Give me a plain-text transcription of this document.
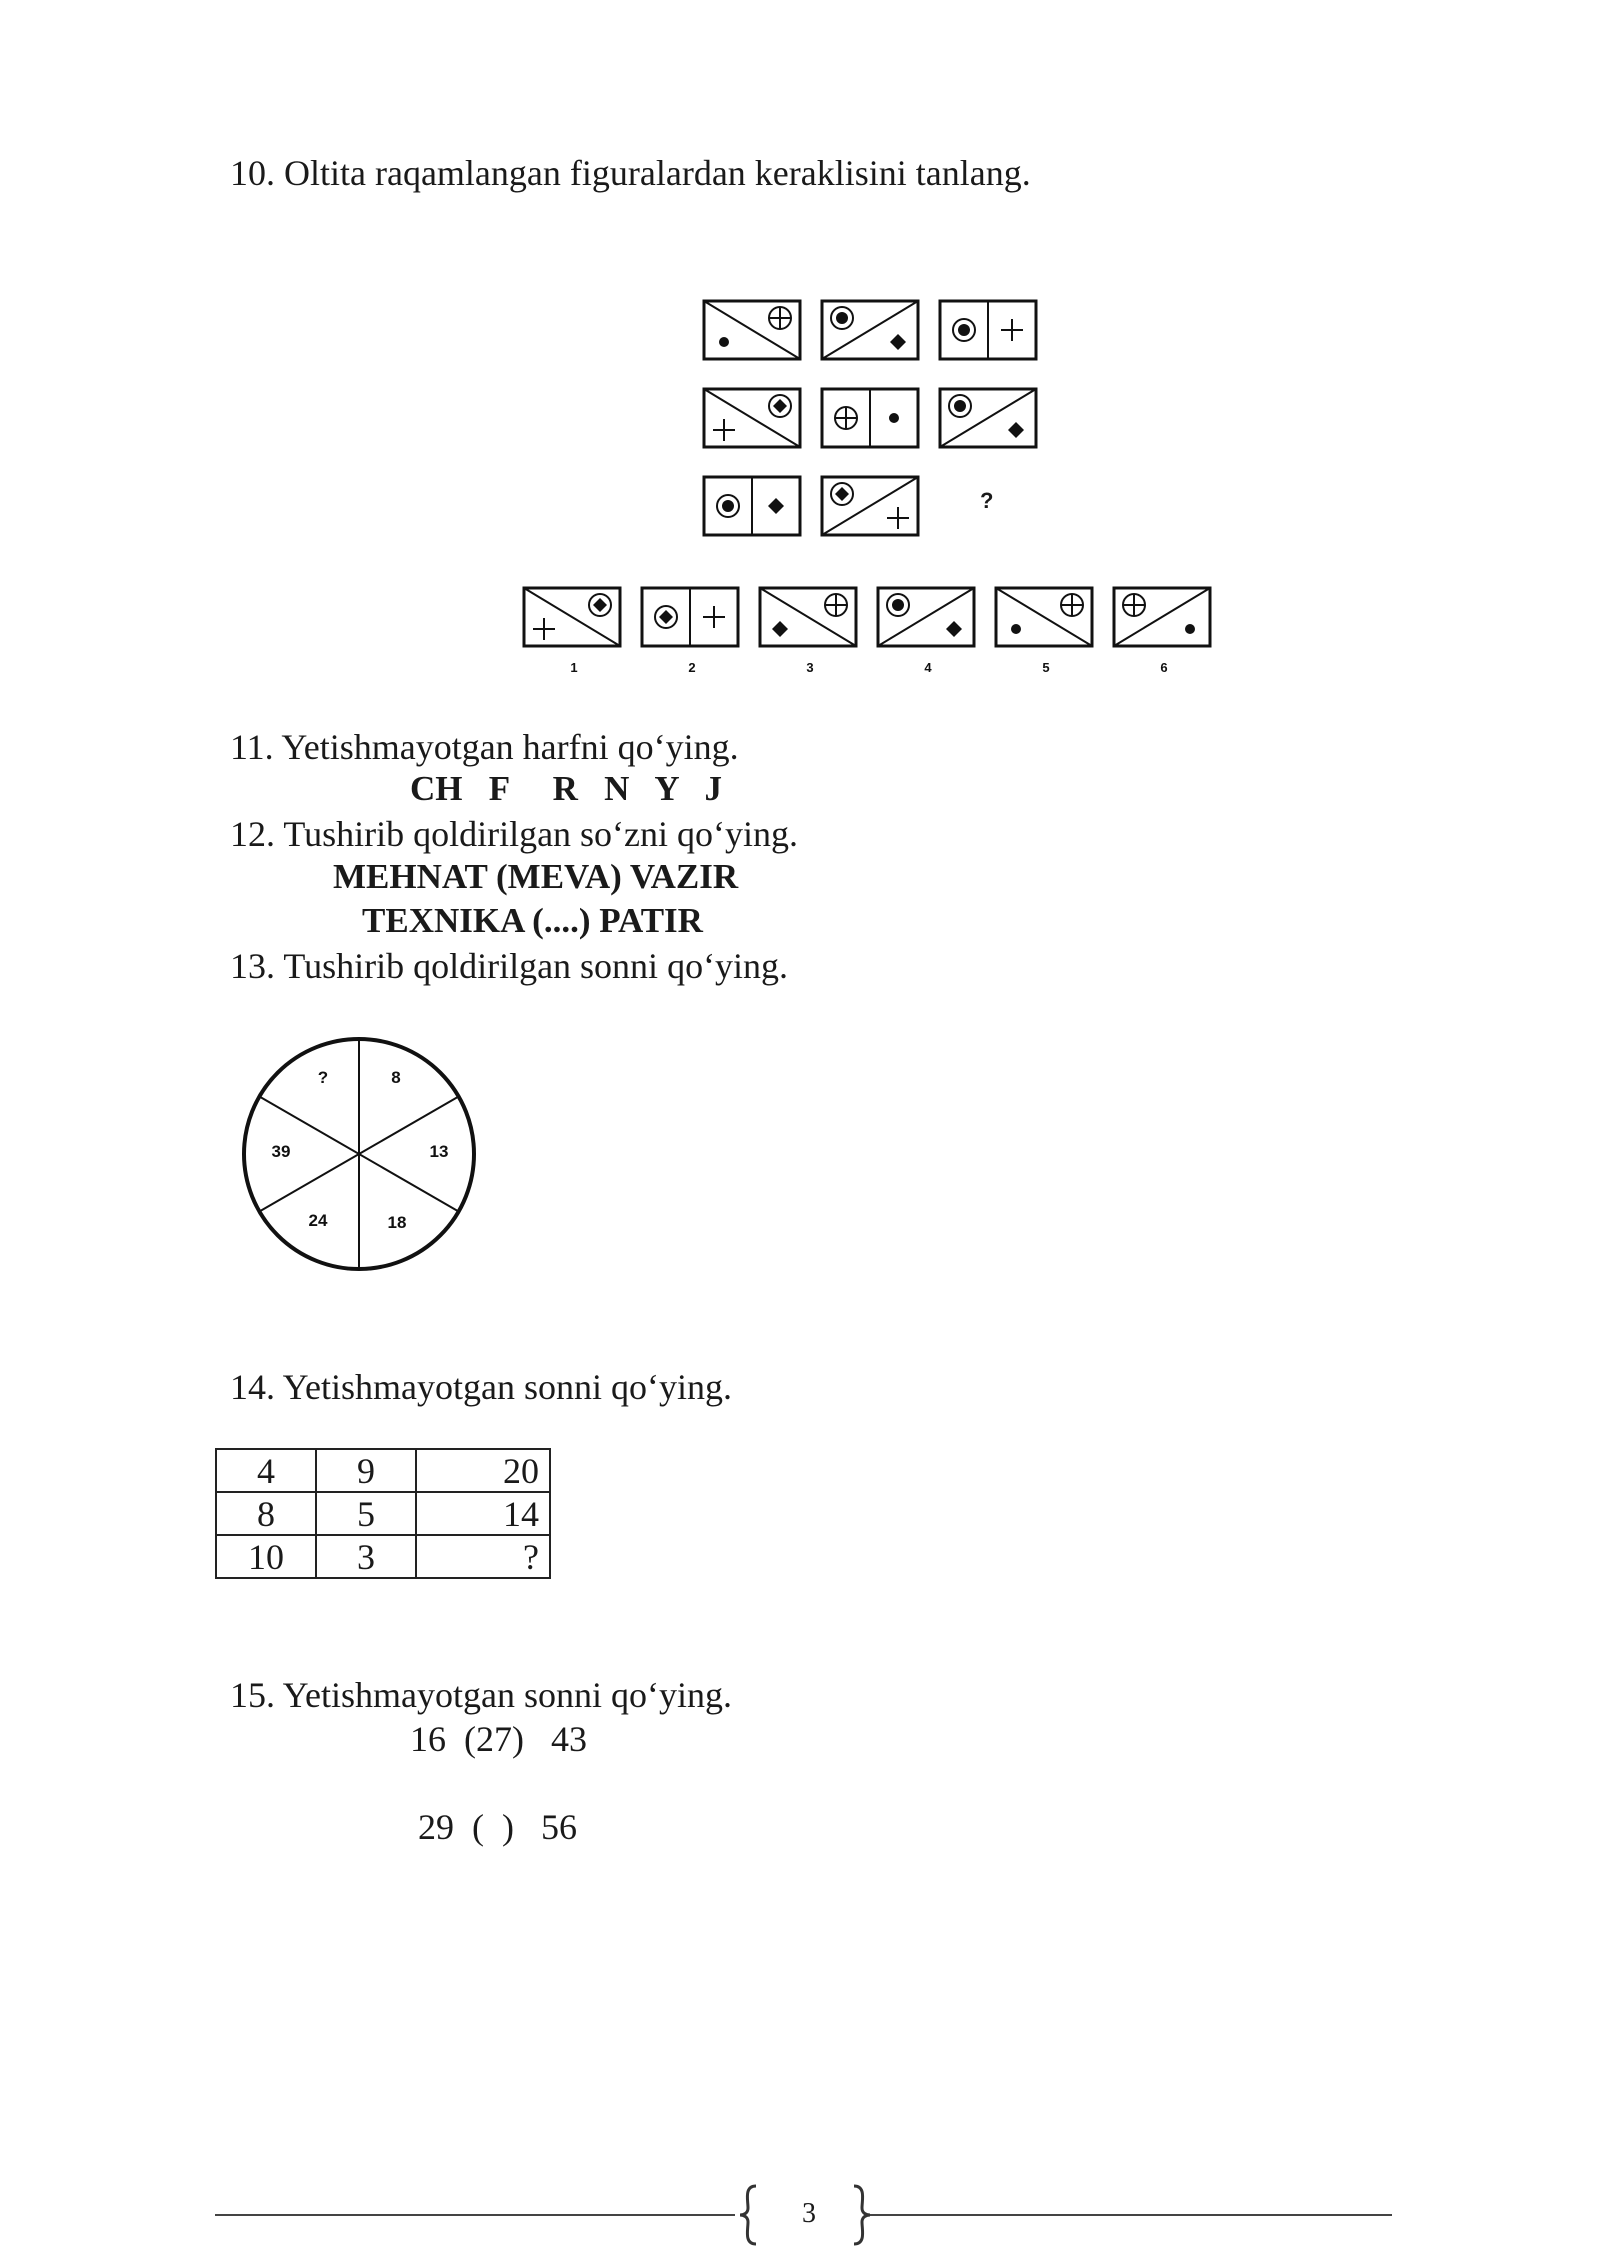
10. Oltita raqamlangan figuralardan keraklisini tanlang.
?
1	2	3	4	5	6
11. Yetishmayotgan harfni qo‘ying.
CH   F     R   N   Y   J
12. Tushirib qoldirilgan so‘zni qo‘ying.
MEHNAT (MEVA) VAZIR
TEXNIKA (....) PATIR
13. Tushirib qoldirilgan sonni qo‘ying.
?	8
13
18
24
39
14. Yetishmayotgan sonni qo‘ying.
4	9	20
8	5	14
10	3	?
15. Yetishmayotgan sonni qo‘ying.
16  (27)   43
29  (  )   56
3
